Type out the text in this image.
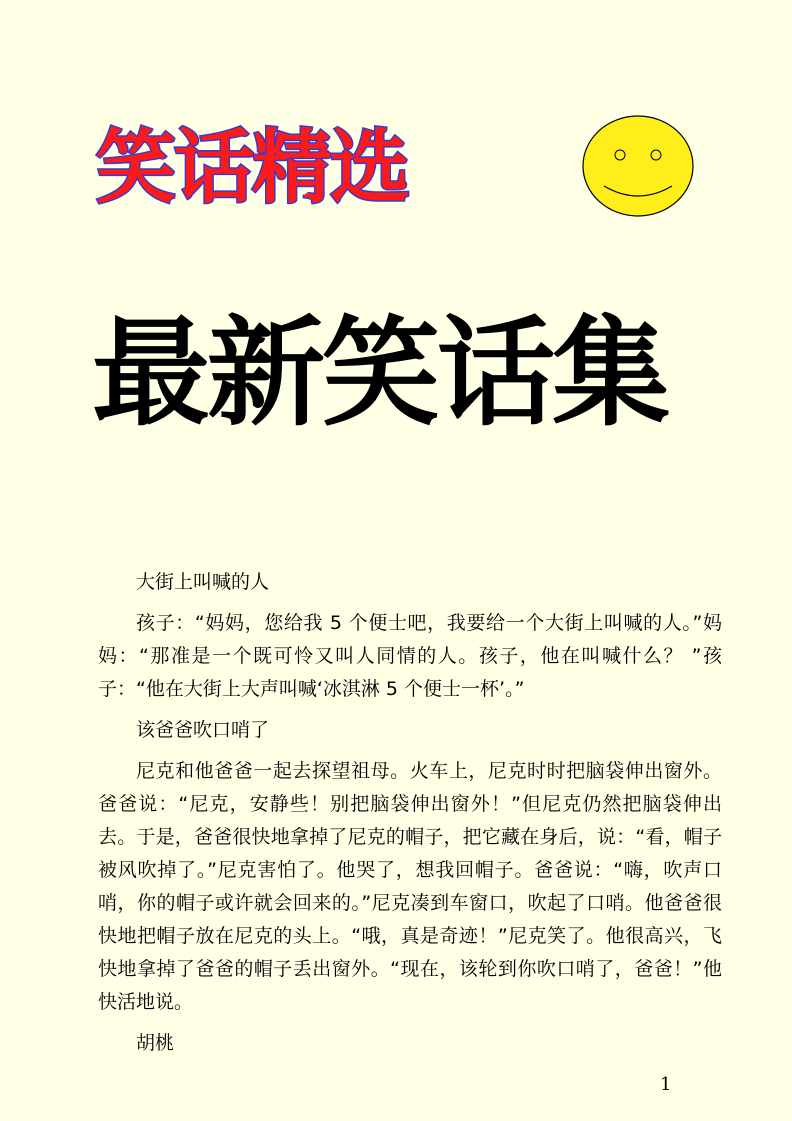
笑话精选
最新笑话集

大街上叫喊的人

孩子：“妈妈，您给我 5 个便士吧，我要给一个大街上叫喊的人。”妈妈：“那准是一个既可怜又叫人同情的人。孩子，他在叫喊什么？ ”孩子：“他在大街上大声叫喊‘冰淇淋 5 个便士一杯’。”

该爸爸吹口哨了

尼克和他爸爸一起去探望祖母。火车上，尼克时时把脑袋伸出窗外。爸爸说：“尼克，安静些！别把脑袋伸出窗外！”但尼克仍然把脑袋伸出去。于是，爸爸很快地拿掉了尼克的帽子，把它藏在身后，说：“看，帽子被风吹掉了。”尼克害怕了。他哭了，想我回帽子。爸爸说：“嗨，吹声口哨，你的帽子或许就会回来的。”尼克凑到车窗口，吹起了口哨。他爸爸很快地把帽子放在尼克的头上。“哦，真是奇迹！”尼克笑了。他很高兴，飞快地拿掉了爸爸的帽子丢出窗外。“现在，该轮到你吹口哨了，爸爸！”他快活地说。

胡桃

1
